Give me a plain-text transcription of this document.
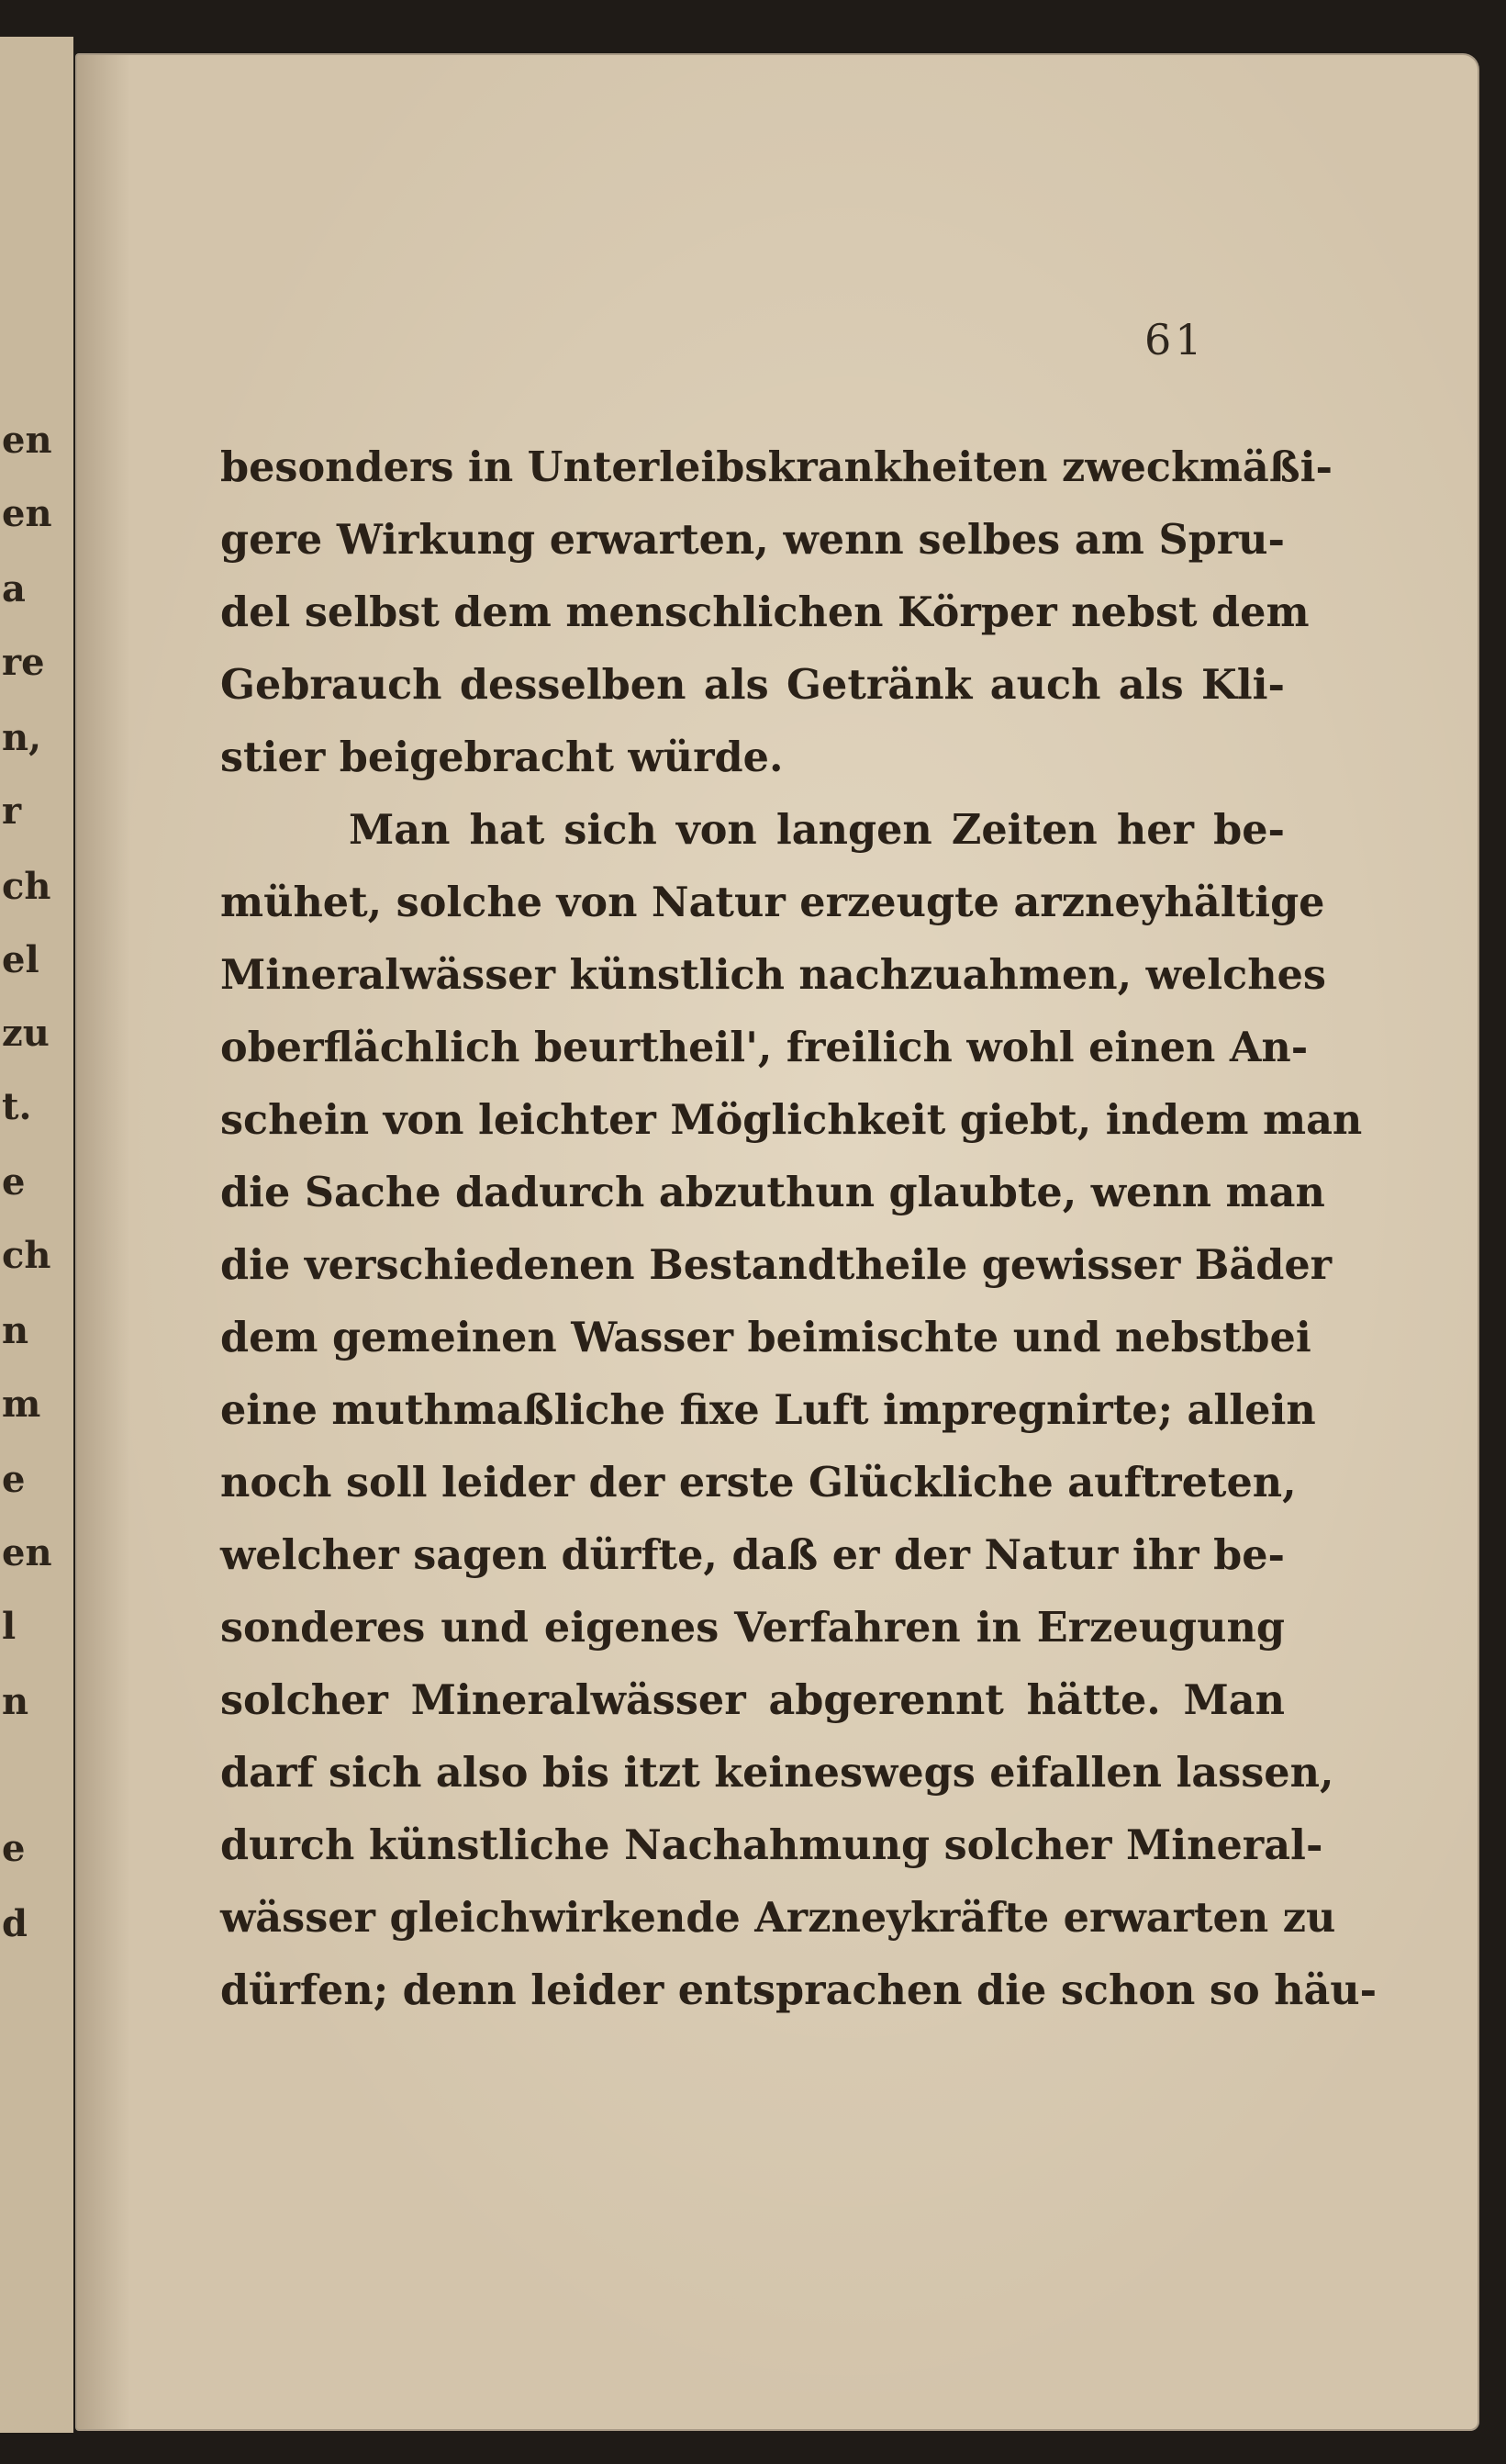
en
en
a
re
n,
r
ch
el
zu
t.
e
ch
n
m
e
en
l
n
e
d
61
besonders in Unterleibskrankheiten zweckmäßi-
gere Wirkung erwarten, wenn selbes am Spru-
del selbst dem menschlichen Körper nebst dem
Gebrauch desselben als Getränk auch als Kli-
stier beigebracht würde.
Man hat sich von langen Zeiten her be-
mühet, solche von Natur erzeugte arzneyhältige
Mineralwässer künstlich nachzuahmen, welches
oberflächlich beurtheil', freilich wohl einen An-
schein von leichter Möglichkeit giebt, indem man
die Sache dadurch abzuthun glaubte, wenn man
die verschiedenen Bestandtheile gewisser Bäder
dem gemeinen Wasser beimischte und nebstbei
eine muthmaßliche fixe Luft impregnirte; allein
noch soll leider der erste Glückliche auftreten,
welcher sagen dürfte, daß er der Natur ihr be-
sonderes und eigenes Verfahren in Erzeugung
solcher Mineralwässer abgerennt hätte. Man
darf sich also bis itzt keineswegs eifallen lassen,
durch künstliche Nachahmung solcher Mineral-
wässer gleichwirkende Arzneykräfte erwarten zu
dürfen; denn leider entsprachen die schon so häu-
